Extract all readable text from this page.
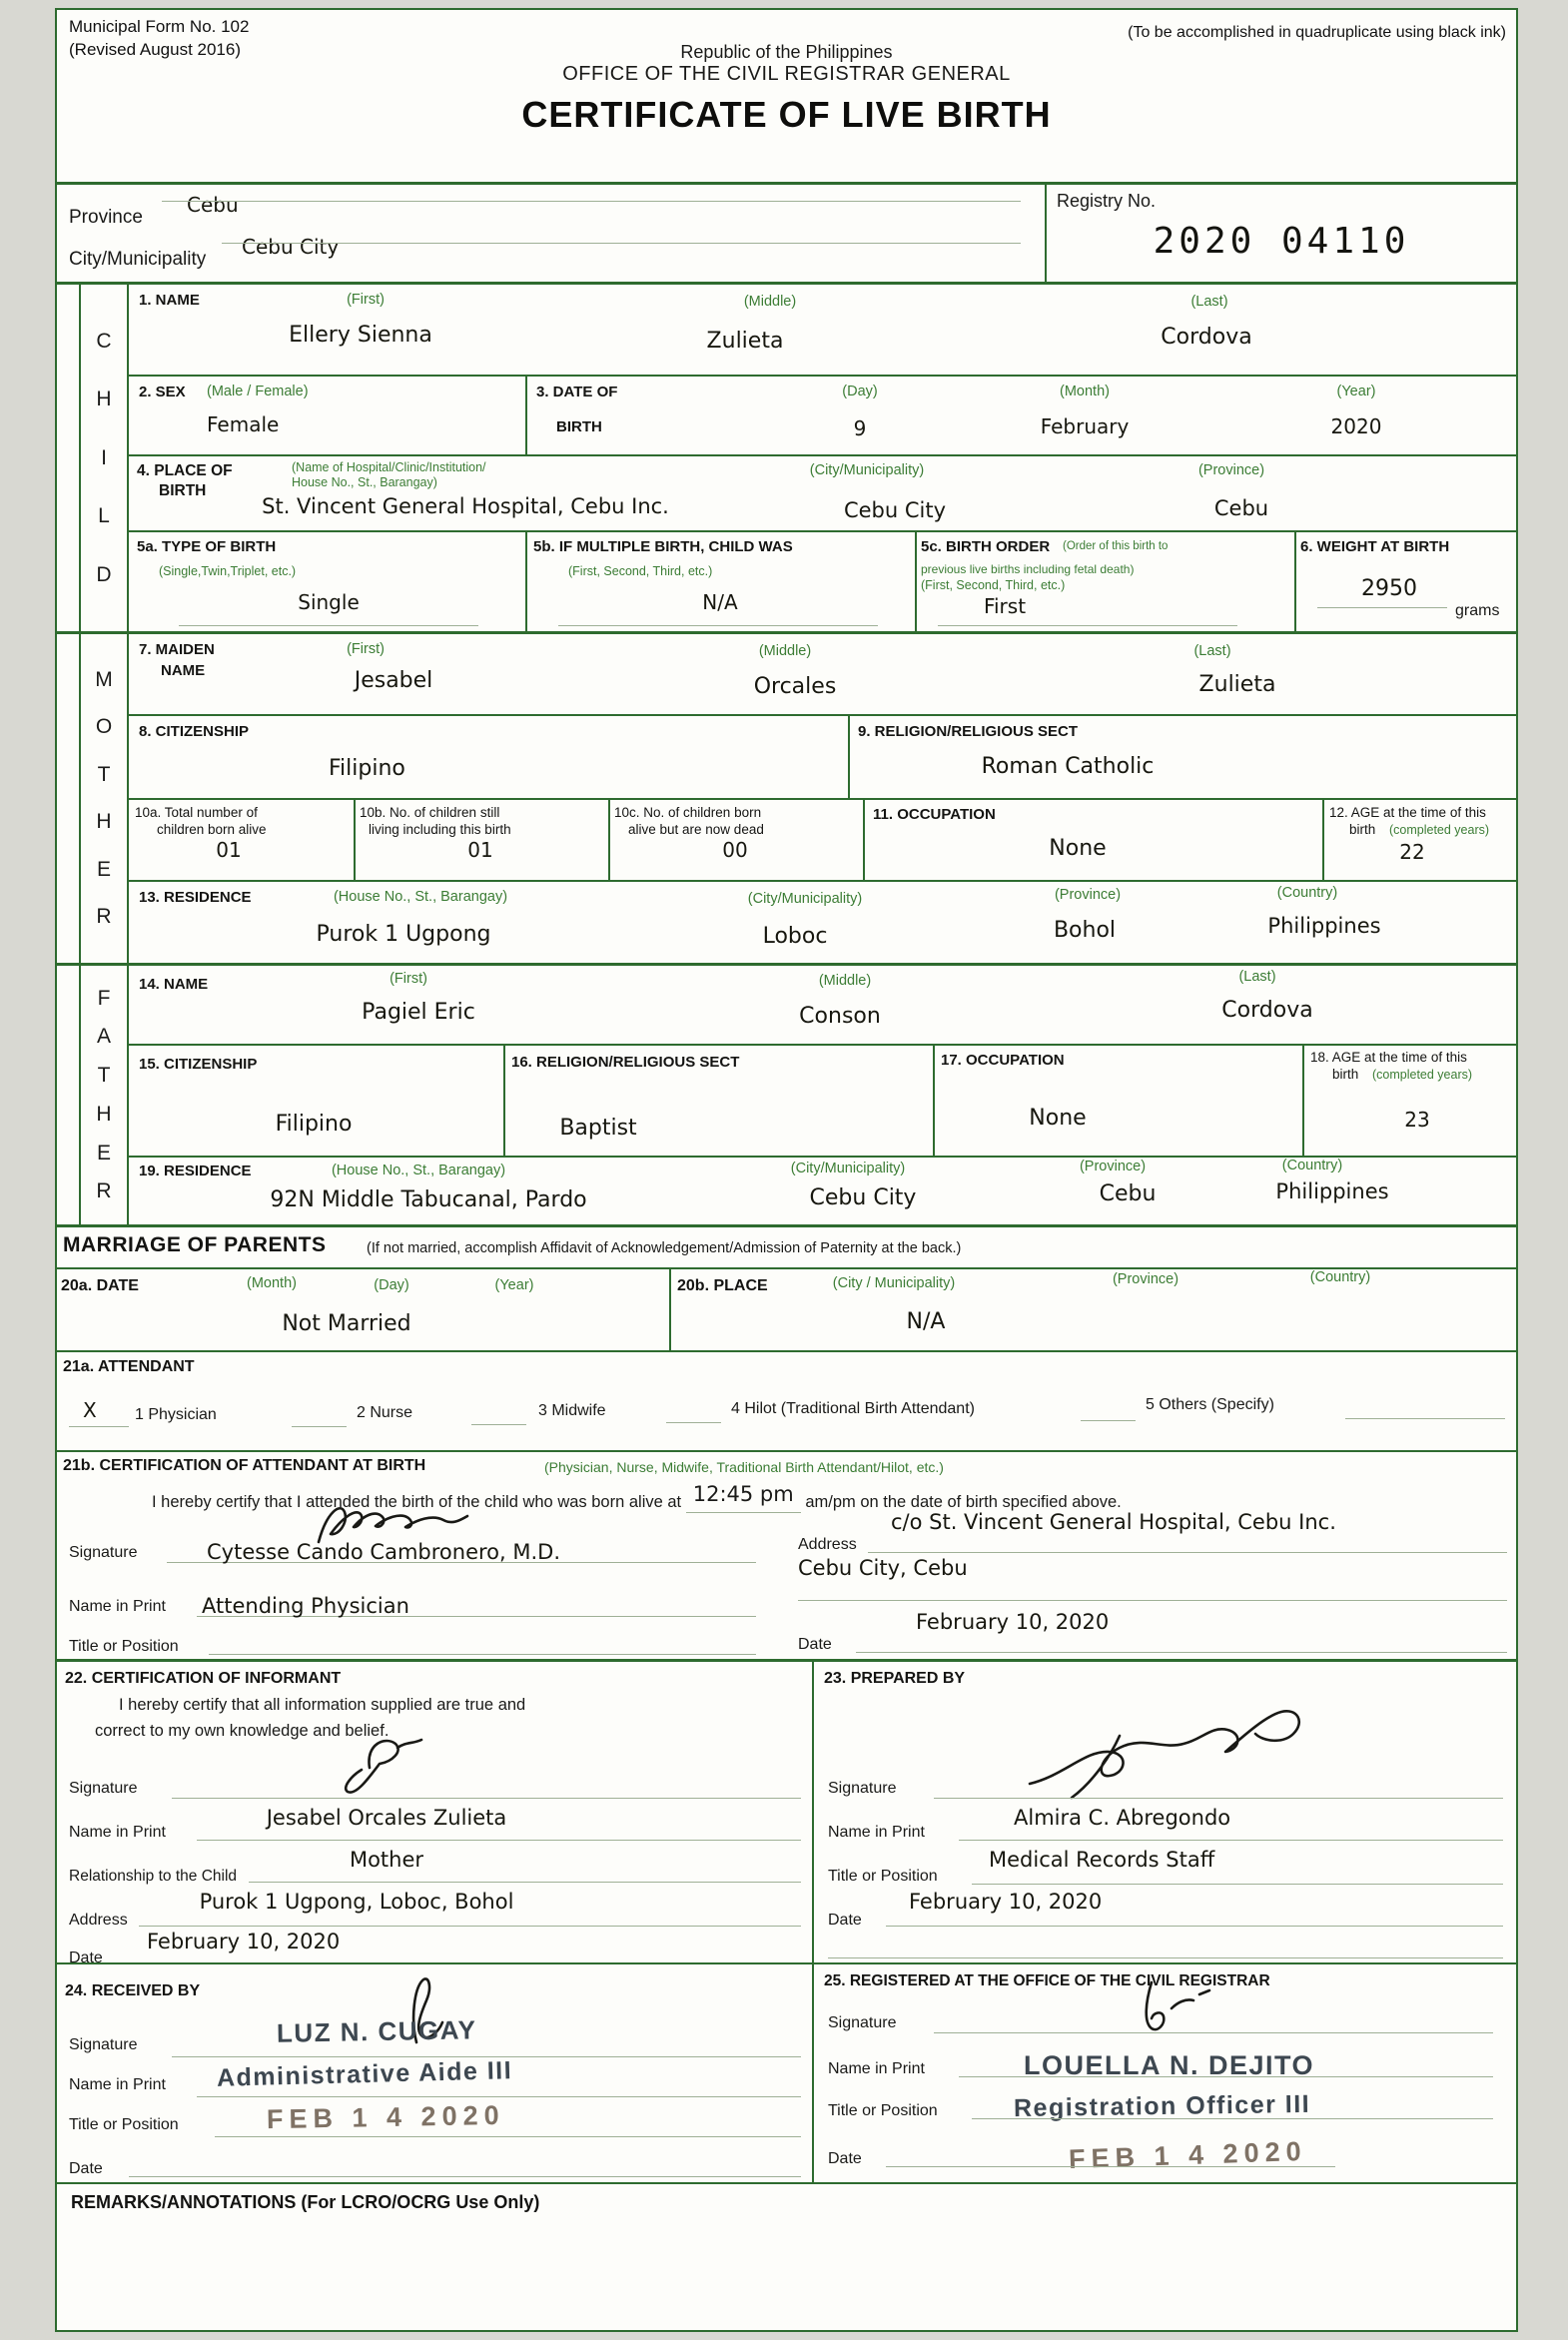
Municipal Form No. 102
(Revised August 2016)
(To be accomplished in quadruplicate using black ink)
Republic of the Philippines
OFFICE OF THE CIVIL REGISTRAR GENERAL
CERTIFICATE OF LIVE BIRTH
Province
Cebu
City/Municipality
Cebu City
Registry No.
2020 04110
C
H
I
L
D
1. NAME	(First)	(Middle)	(Last)
Ellery Sienna	Zulieta	Cordova
2. SEX (Male / Female)
Female
3. DATE OF
BIRTH
(Day)	(Month)	(Year)
9	February	2020
4. PLACE OF
BIRTH
(Name of Hospital/Clinic/Institution/
House No., St., Barangay)
(City/Municipality)	(Province)
St. Vincent General Hospital, Cebu Inc.	Cebu City	Cebu
5a. TYPE OF BIRTH
(Single,Twin,Triplet, etc.)
Single
5b. IF MULTIPLE BIRTH, CHILD WAS
(First, Second, Third, etc.)
N/A
5c. BIRTH ORDER (Order of this birth to
previous live births including fetal death)
(First, Second, Third, etc.)
First
6. WEIGHT AT BIRTH
2950
grams
M
O
T
H
E
R
7. MAIDEN
NAME
(First)	(Middle)	(Last)
Jesabel	Orcales	Zulieta
8. CITIZENSHIP
Filipino
9. RELIGION/RELIGIOUS SECT
Roman Catholic
10a. Total number of
children born alive
01
10b. No. of children still
living including this birth
01
10c. No. of children born
alive but are now dead
00
11. OCCUPATION
None
12. AGE at the time of this
birth (completed years)
22
13. RESIDENCE	(House No., St., Barangay)	(City/Municipality)	(Province)	(Country)
Purok 1 Ugpong	Loboc	Bohol	Philippines
F
A
T
H
E
R
14. NAME	(First)	(Middle)	(Last)
Pagiel Eric	Conson	Cordova
15. CITIZENSHIP
Filipino
16. RELIGION/RELIGIOUS SECT
Baptist
17. OCCUPATION
None
18. AGE at the time of this
birth (completed years)
23
19. RESIDENCE	(House No., St., Barangay)	(City/Municipality)	(Province)	(Country)
92N Middle Tabucanal, Pardo	Cebu City	Cebu	Philippines
MARRIAGE OF PARENTS	(If not married, accomplish Affidavit of Acknowledgement/Admission of Paternity at the back.)
20a. DATE	(Month)	(Day)	(Year)
Not Married
20b. PLACE	(City / Municipality)	(Province)	(Country)
N/A
21a. ATTENDANT
X 1 Physician	2 Nurse	3 Midwife	4 Hilot (Traditional Birth Attendant)	5 Others (Specify)
21b. CERTIFICATION OF ATTENDANT AT BIRTH	(Physician, Nurse, Midwife, Traditional Birth Attendant/Hilot, etc.)
I hereby certify that I attended the birth of the child who was born alive at 12:45 pm am/pm on the date of birth specified above.
Signature	Cytesse Cando Cambronero, M.D.
Name in Print Attending Physician
Title or Position
c/o St. Vincent General Hospital, Cebu Inc.
Address
Cebu City, Cebu
February 10, 2020
Date
22. CERTIFICATION OF INFORMANT
I hereby certify that all information supplied are true and
correct to my own knowledge and belief.
Signature
Jesabel Orcales Zulieta
Name in Print
Mother
Relationship to the Child
Purok 1 Ugpong, Loboc, Bohol
Address
February 10, 2020
Date
23. PREPARED BY
Signature
Almira C. Abregondo
Name in Print
Medical Records Staff
Title or Position
February 10, 2020
Date
24. RECEIVED BY
Signature	LUZ N. CUGAY
Name in Print Administrative Aide III
Title or Position	FEB 1 4 2020
Date
25. REGISTERED AT THE OFFICE OF THE CIVIL REGISTRAR
Signature
LOUELLA N. DEJITO
Name in Print
Registration Officer III
Title or Position
FEB 1 4 2020
Date
REMARKS/ANNOTATIONS (For LCRO/OCRG Use Only)
